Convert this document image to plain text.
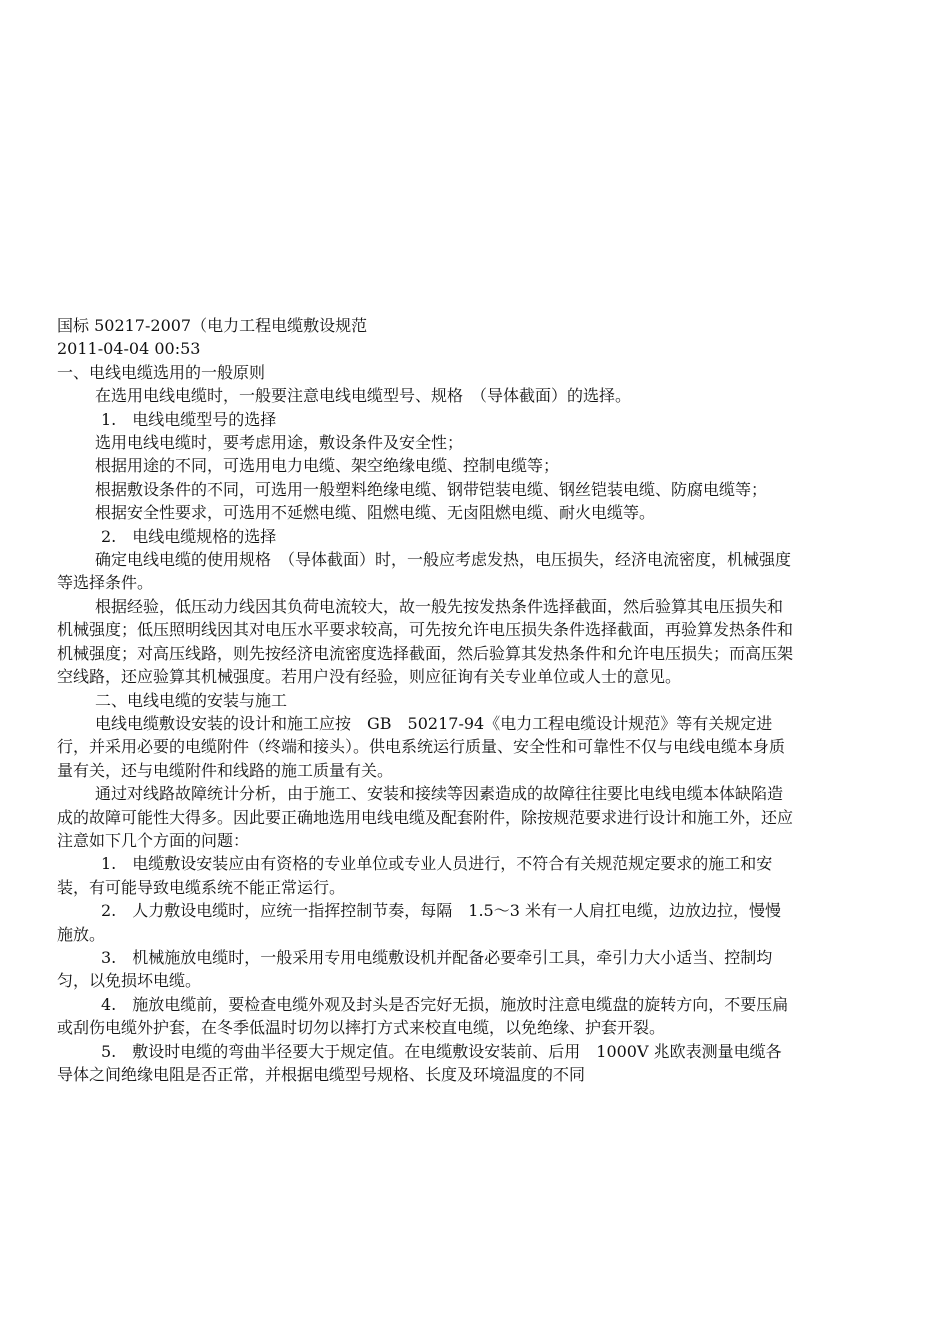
国标 50217-2007（电力工程电缆敷设规范
2011-04-04 00:53
一、电线电缆选用的一般原则
在选用电线电缆时，一般要注意电线电缆型号、规格　（导体截面）的选择。
1.　电线电缆型号的选择
选用电线电缆时，要考虑用途，敷设条件及安全性；
根据用途的不同，可选用电力电缆、架空绝缘电缆、控制电缆等；
根据敷设条件的不同，可选用一般塑料绝缘电缆、钢带铠装电缆、钢丝铠装电缆、防腐电缆等；
根据安全性要求，可选用不延燃电缆、阻燃电缆、无卤阻燃电缆、耐火电缆等。
2.　电线电缆规格的选择
确定电线电缆的使用规格　（导体截面）时，一般应考虑发热，电压损失，经济电流密度，机械强度等选择条件。
根据经验，低压动力线因其负荷电流较大，故一般先按发热条件选择截面，然后验算其电压损失和机械强度；低压照明线因其对电压水平要求较高，可先按允许电压损失条件选择截面，再验算发热条件和机械强度；对高压线路，则先按经济电流密度选择截面，然后验算其发热条件和允许电压损失；而高压架空线路，还应验算其机械强度。若用户没有经验，则应征询有关专业单位或人士的意见。
二、电线电缆的安装与施工
电线电缆敷设安装的设计和施工应按　GB　50217-94《电力工程电缆设计规范》等有关规定进行，并采用必要的电缆附件（终端和接头）。供电系统运行质量、安全性和可靠性不仅与电线电缆本身质量有关，还与电缆附件和线路的施工质量有关。
通过对线路故障统计分析，由于施工、安装和接续等因素造成的故障往往要比电线电缆本体缺陷造成的故障可能性大得多。因此要正确地选用电线电缆及配套附件，除按规范要求进行设计和施工外，还应注意如下几个方面的问题：
1.　电缆敷设安装应由有资格的专业单位或专业人员进行，不符合有关规范规定要求的施工和安装，有可能导致电缆系统不能正常运行。
2.　人力敷设电缆时，应统一指挥控制节奏，每隔　1.5～3 米有一人肩扛电缆，边放边拉，慢慢施放。
3.　机械施放电缆时，一般采用专用电缆敷设机并配备必要牵引工具，牵引力大小适当、控制均匀，以免损坏电缆。
4.　施放电缆前，要检查电缆外观及封头是否完好无损，施放时注意电缆盘的旋转方向，不要压扁或刮伤电缆外护套，在冬季低温时切勿以摔打方式来校直电缆，以免绝缘、护套开裂。
5.　敷设时电缆的弯曲半径要大于规定值。在电缆敷设安装前、后用　1000V 兆欧表测量电缆各导体之间绝缘电阻是否正常，并根据电缆型号规格、长度及环境温度的不同
